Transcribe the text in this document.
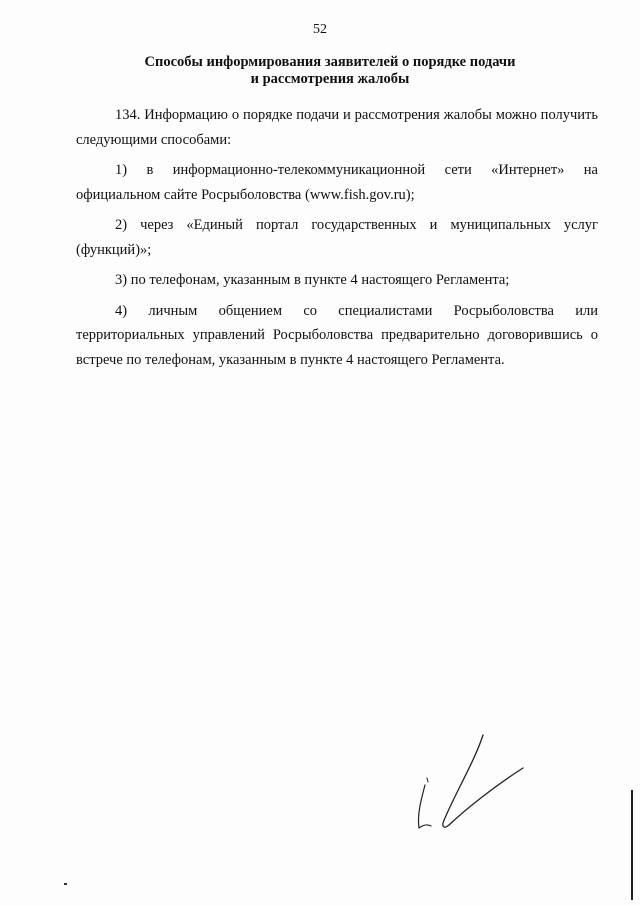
52
Способы информирования заявителей о порядке подачи
и рассмотрения жалобы

134. Информацию о порядке подачи и рассмотрения жалобы можно получить следующими способами:

1) в информационно-телекоммуникационной сети «Интернет» на официальном сайте Росрыболовства (www.fish.gov.ru);

2) через «Единый портал государственных и муниципальных услуг (функций)»;

3) по телефонам, указанным в пункте 4 настоящего Регламента;

4) личным общением со специалистами Росрыболовства или территориальных управлений Росрыболовства предварительно договорившись о встрече по телефонам, указанным в пункте 4 настоящего Регламента.
